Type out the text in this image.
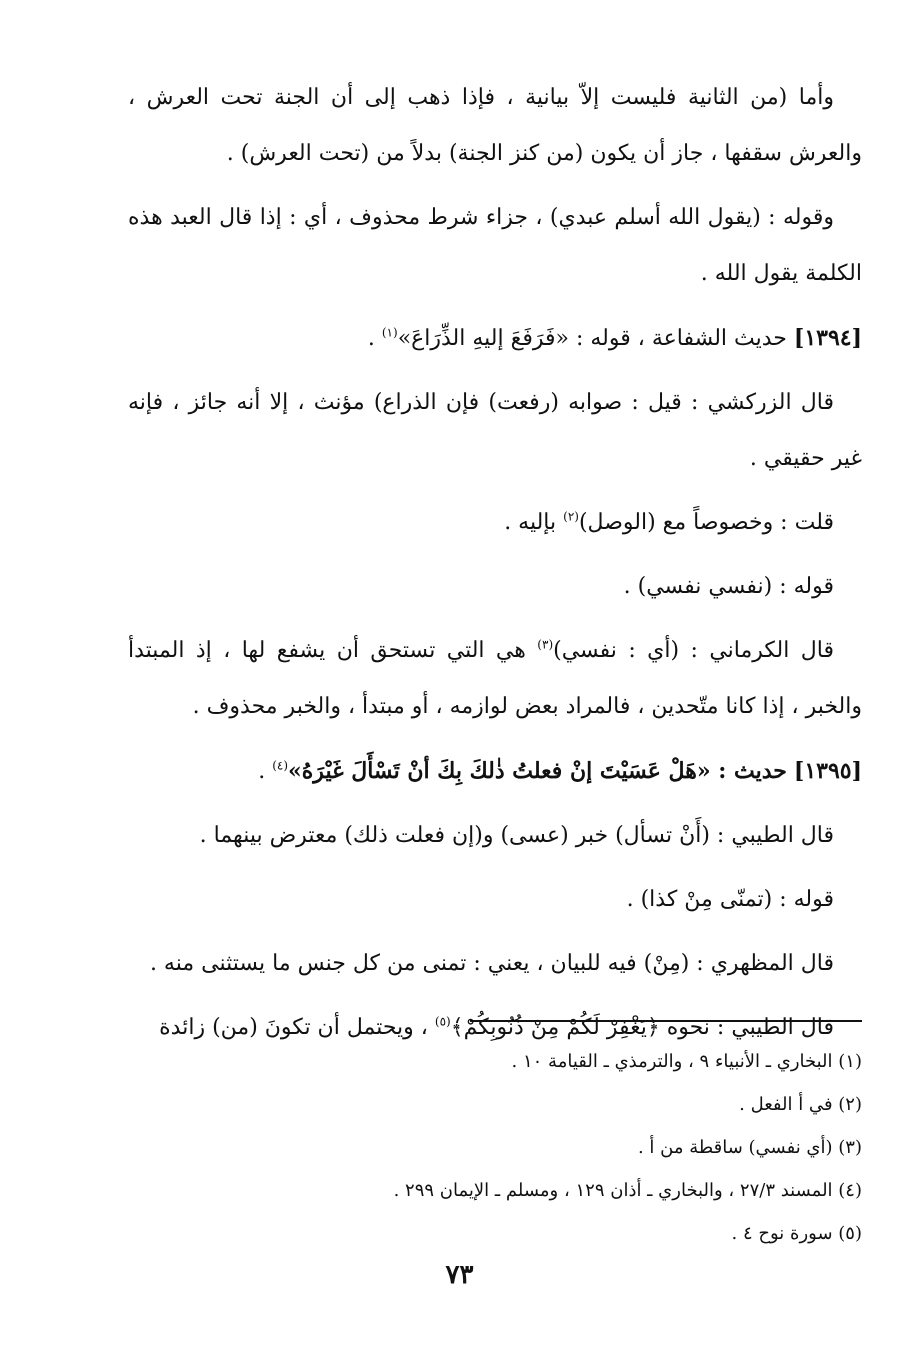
وأما (من الثانية فليست إلاّ بيانية ، فإذا ذهب إلى أن الجنة تحت العرش ، والعرش سقفها ، جاز أن يكون (من كنز الجنة) بدلاً من (تحت العرش) .

وقوله : (يقول الله أسلم عبدي) ، جزاء شرط محذوف ، أي : إذا قال العبد هذه الكلمة يقول الله .

[١٣٩٤] حديث الشفاعة ، قوله : «فَرَفَعَ إليهِ الذِّرَاعَ»$^{(١)}$ .

قال الزركشي : قيل : صوابه (رفعت) فإن الذراع) مؤنث ، إلا أنه جائز ، فإنه غير حقيقي .

قلت : وخصوصاً مع (الوصل)$^{(٢)}$ بإليه .

قوله : (نفسي نفسي) .

قال الكرماني : (أي : نفسي)$^{(٣)}$ هي التي تستحق أن يشفع لها ، إذ المبتدأ والخبر ، إذا كانا متّحدين ، فالمراد بعض لوازمه ، أو مبتدأ ، والخبر محذوف .

[١٣٩٥] حديث : «هَلْ عَسَيْتَ إنْ فعلتُ ذٰلكَ بِكَ أنْ تَسْأَلَ غَيْرَهُ»$^{(٤)}$ .

قال الطيبي : (أَنْ تسأل) خبر (عسى) و(إن فعلت ذلك) معترض بينهما .

قوله : (تمنّى مِنْ كذا) .

قال المظهري : (مِنْ) فيه للبيان ، يعني : تمنى من كل جنس ما يستثنى منه .

قال الطيبي : نحوه ﴿يَغْفِرْ لَكُمْ مِنْ ذُنُوبِكُمْ﴾$^{(٥)}$ ، ويحتمل أن تكونَ (من) زائدة

(١) البخاري ـ الأنبياء ٩ ، والترمذي ـ القيامة ١٠ .

(٢) في أ الفعل .

(٣) (أي نفسي) ساقطة من أ .

(٤) المسند ٢٧/٣ ، والبخاري ـ أذان ١٢٩ ، ومسلم ـ الإيمان ٢٩٩ .

(٥) سورة نوح ٤ .

٧٣
